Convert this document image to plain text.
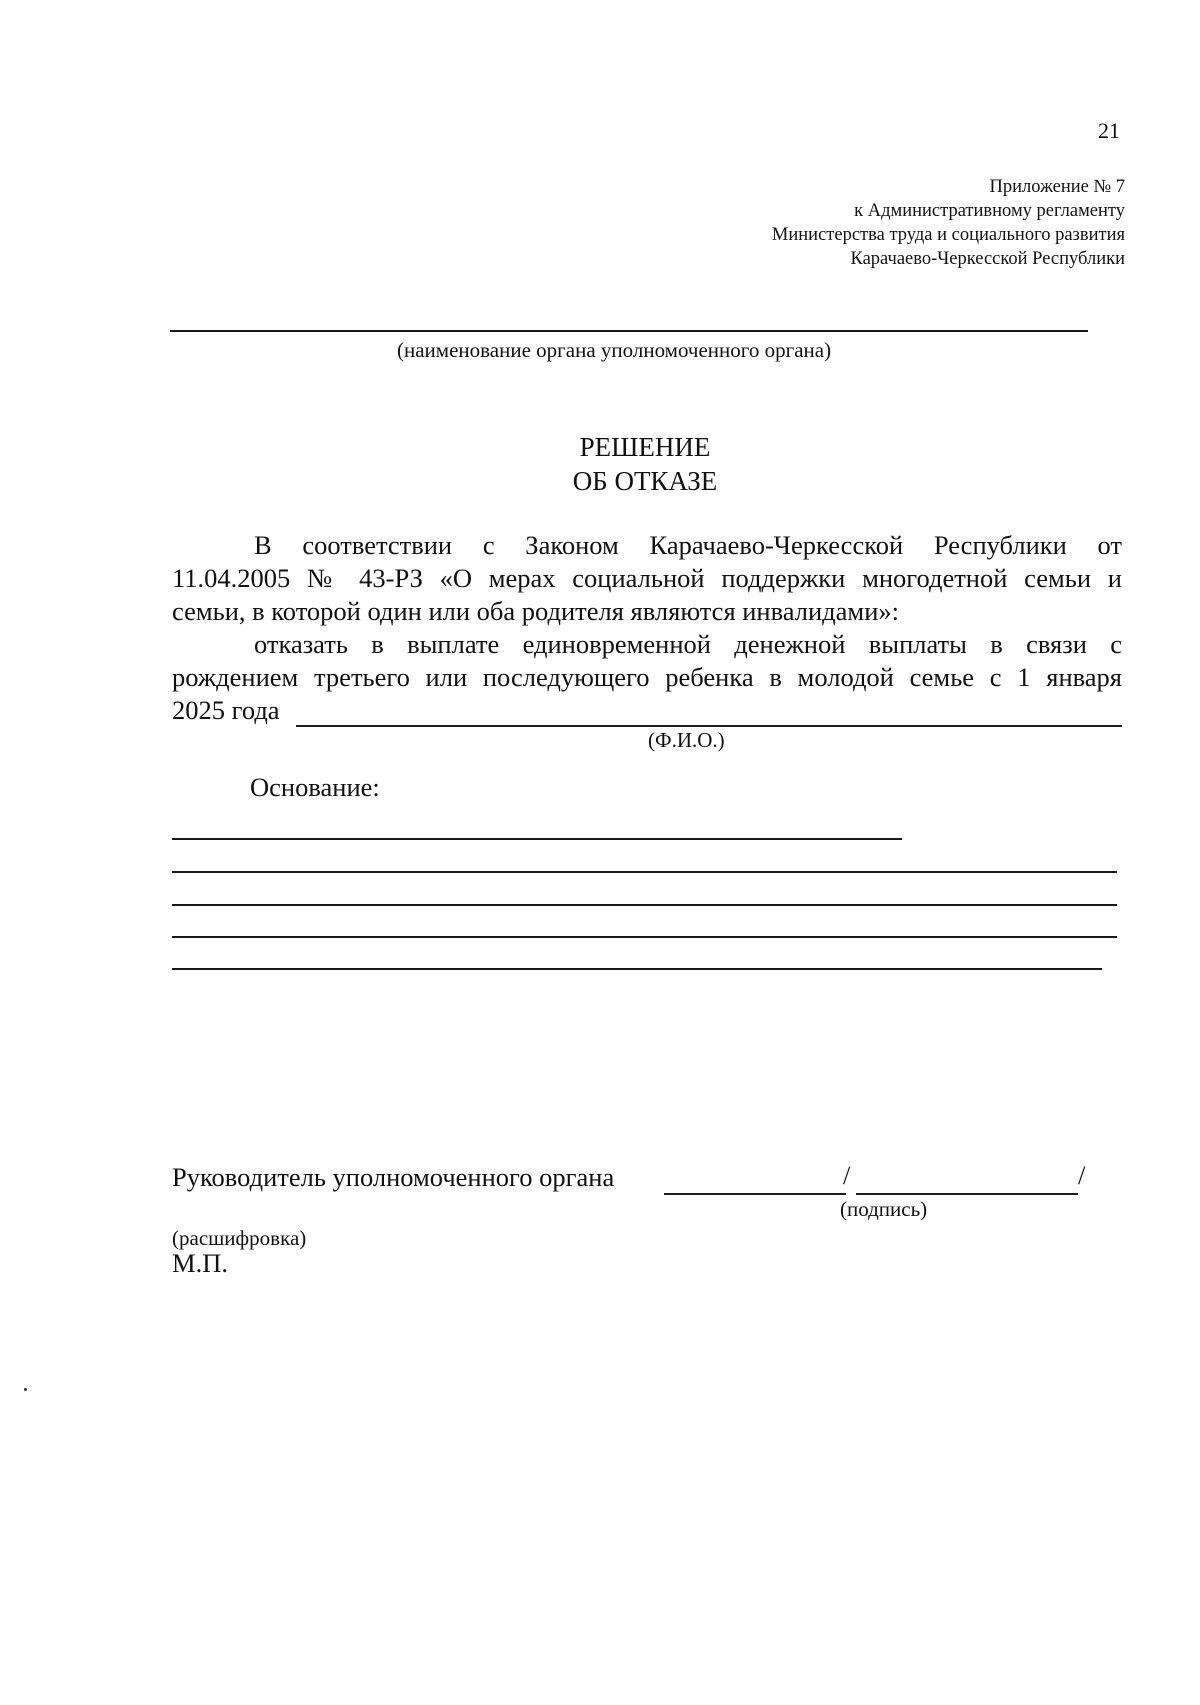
21
Приложение № 7
к Административному регламенту
Министерства труда и социального развития
Карачаево-Черкесской Республики
(наименование органа уполномоченного органа)
РЕШЕНИЕ
ОБ ОТКАЗЕ
В соответствии с Законом Карачаево-Черкесской Республики от
11.04.2005 № 43-РЗ «О мерах социальной поддержки многодетной семьи и
семьи, в которой один или оба родителя являются инвалидами»:
отказать в выплате единовременной денежной выплаты в связи с
рождением третьего или последующего ребенка в молодой семье с 1 января
2025 года
(Ф.И.О.)
Основание:
Руководитель уполномоченного органа	/	/
(подпись)
(расшифровка)
М.П.
